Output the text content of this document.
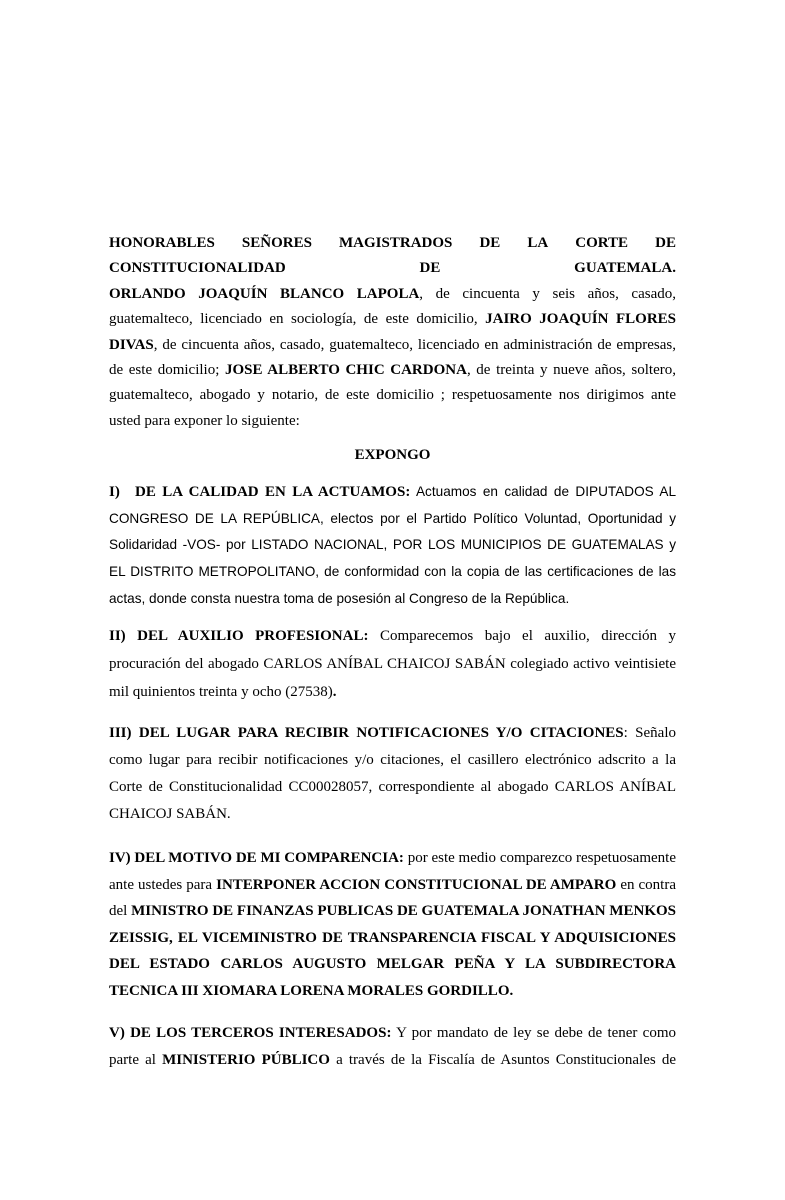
HONORABLES SEÑORES MAGISTRADOS DE LA CORTE DE
CONSTITUCIONALIDAD	DE	GUATEMALA.

ORLANDO JOAQUÍN BLANCO LAPOLA, de cincuenta y seis años, casado, guatemalteco, licenciado en sociología, de este domicilio, JAIRO JOAQUÍN FLORES DIVAS, de cincuenta años, casado, guatemalteco, licenciado en administración de empresas, de este domicilio; JOSE ALBERTO CHIC CARDONA, de treinta y nueve años, soltero, guatemalteco, abogado y notario, de este domicilio ; respetuosamente nos dirigimos ante usted para exponer lo siguiente:

EXPONGO

I) DE LA CALIDAD EN LA ACTUAMOS: Actuamos en calidad de DIPUTADOS AL CONGRESO DE LA REPÚBLICA, electos por el Partido Político Voluntad, Oportunidad y Solidaridad -VOS- por LISTADO NACIONAL, POR LOS MUNICIPIOS DE GUATEMALAS y EL DISTRITO METROPOLITANO, de conformidad con la copia de las certificaciones de las actas, donde consta nuestra toma de posesión al Congreso de la República.

II) DEL AUXILIO PROFESIONAL: Comparecemos bajo el auxilio, dirección y procuración del abogado CARLOS ANÍBAL CHAICOJ SABÁN colegiado activo veintisiete mil quinientos treinta y ocho (27538).

III) DEL LUGAR PARA RECIBIR NOTIFICACIONES Y/O CITACIONES: Señalo como lugar para recibir notificaciones y/o citaciones, el casillero electrónico adscrito a la Corte de Constitucionalidad CC00028057, correspondiente al abogado CARLOS ANÍBAL CHAICOJ SABÁN.

IV) DEL MOTIVO DE MI COMPARENCIA: por este medio comparezco respetuosamente ante ustedes para INTERPONER ACCION CONSTITUCIONAL DE AMPARO en contra del MINISTRO DE FINANZAS PUBLICAS DE GUATEMALA JONATHAN MENKOS ZEISSIG, EL VICEMINISTRO DE TRANSPARENCIA FISCAL Y ADQUISICIONES DEL ESTADO CARLOS AUGUSTO MELGAR PEÑA Y LA SUBDIRECTORA TECNICA III XIOMARA LORENA MORALES GORDILLO.

V) DE LOS TERCEROS INTERESADOS: Y por mandato de ley se debe de tener como parte al MINISTERIO PÚBLICO a través de la Fiscalía de Asuntos Constitucionales de
